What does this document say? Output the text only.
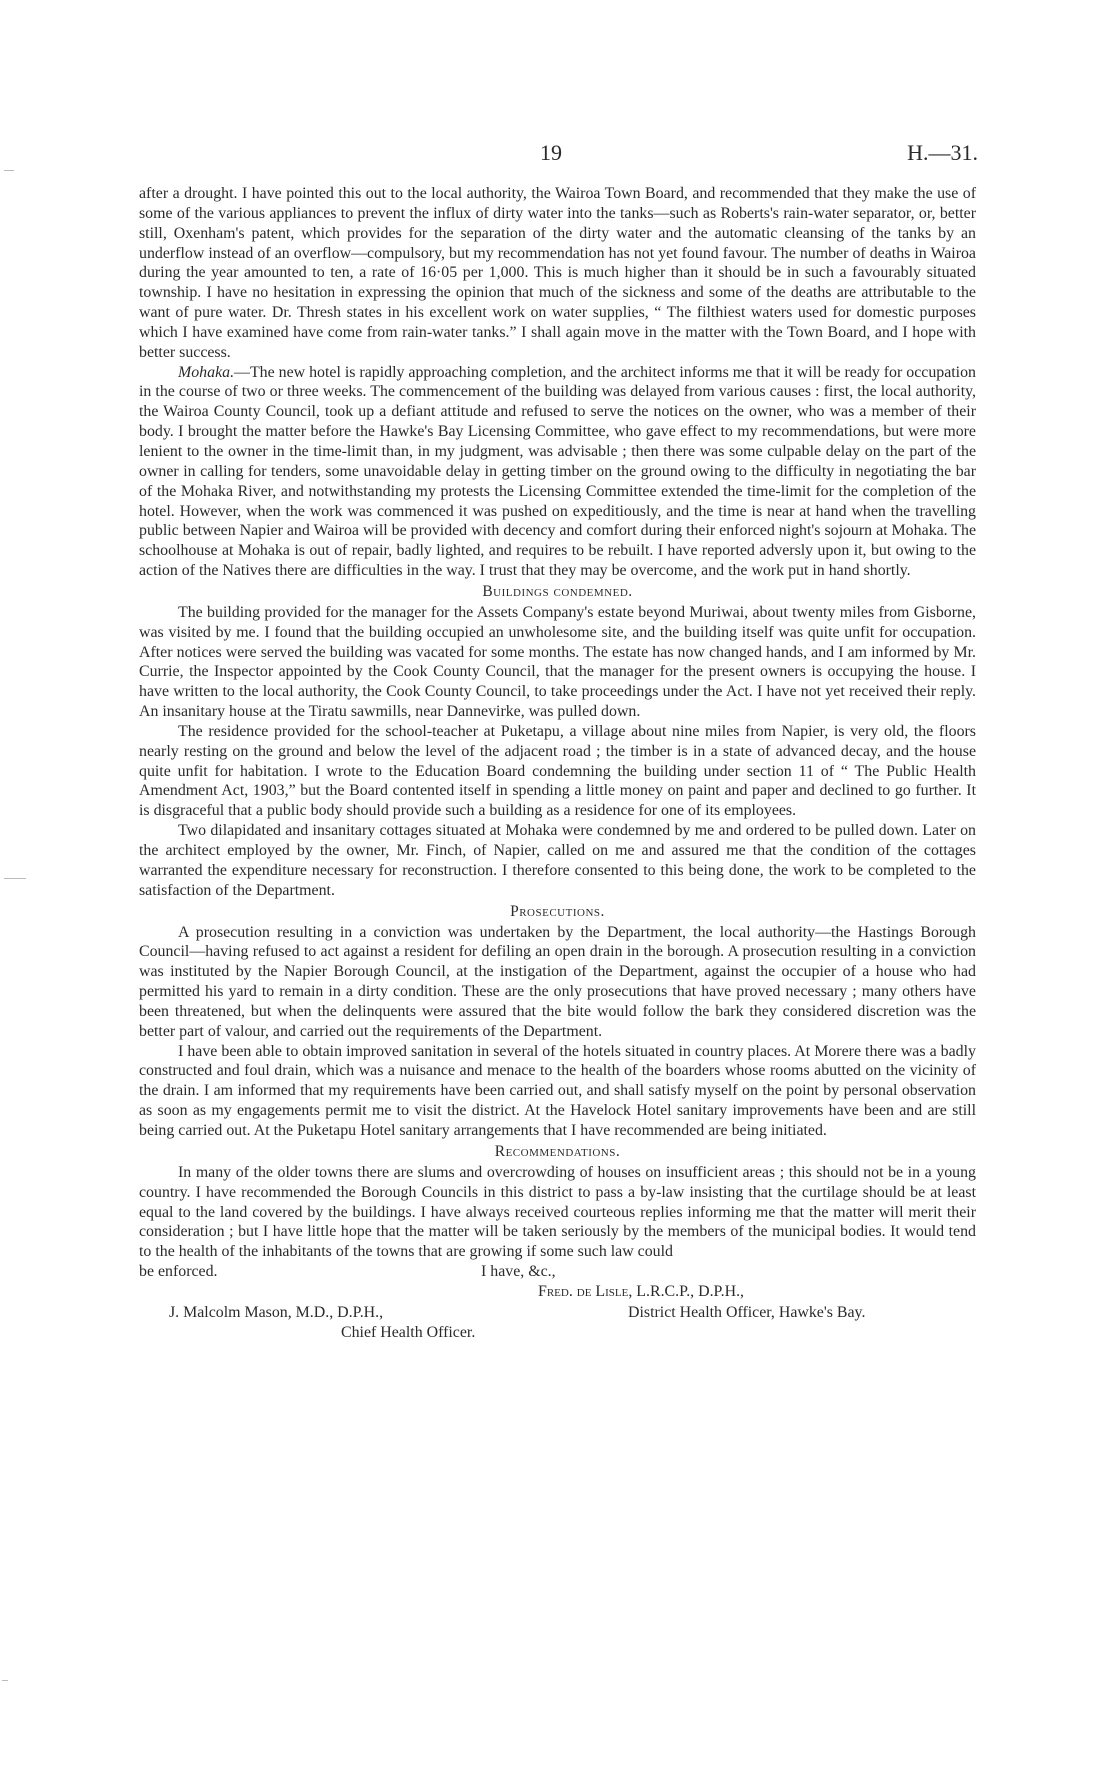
19	H.—31.

after a drought. I have pointed this out to the local authority, the Wairoa Town Board, and recommended that they make the use of some of the various appliances to prevent the influx of dirty water into the tanks—such as Roberts's rain-water separator, or, better still, Oxenham's patent, which provides for the separation of the dirty water and the automatic cleansing of the tanks by an underflow instead of an overflow—compulsory, but my recommendation has not yet found favour. The number of deaths in Wairoa during the year amounted to ten, a rate of 16·05 per 1,000. This is much higher than it should be in such a favourably situated township. I have no hesitation in expressing the opinion that much of the sickness and some of the deaths are attributable to the want of pure water. Dr. Thresh states in his excellent work on water supplies, “ The filthiest waters used for domestic purposes which I have examined have come from rain-water tanks.” I shall again move in the matter with the Town Board, and I hope with better success.

Mohaka.—The new hotel is rapidly approaching completion, and the architect informs me that it will be ready for occupation in the course of two or three weeks. The commencement of the building was delayed from various causes : first, the local authority, the Wairoa County Council, took up a defiant attitude and refused to serve the notices on the owner, who was a member of their body. I brought the matter before the Hawke's Bay Licensing Committee, who gave effect to my recommendations, but were more lenient to the owner in the time-limit than, in my judgment, was advisable ; then there was some culpable delay on the part of the owner in calling for tenders, some unavoidable delay in getting timber on the ground owing to the difficulty in negotiating the bar of the Mohaka River, and notwithstanding my protests the Licensing Committee extended the time-limit for the completion of the hotel. However, when the work was commenced it was pushed on expeditiously, and the time is near at hand when the travelling public between Napier and Wairoa will be provided with decency and comfort during their enforced night's sojourn at Mohaka. The schoolhouse at Mohaka is out of repair, badly lighted, and requires to be rebuilt. I have reported adversly upon it, but owing to the action of the Natives there are difficulties in the way. I trust that they may be overcome, and the work put in hand shortly.

Buildings condemned.

The building provided for the manager for the Assets Company's estate beyond Muriwai, about twenty miles from Gisborne, was visited by me. I found that the building occupied an unwholesome site, and the building itself was quite unfit for occupation. After notices were served the building was vacated for some months. The estate has now changed hands, and I am informed by Mr. Currie, the Inspector appointed by the Cook County Council, that the manager for the present owners is occupying the house. I have written to the local authority, the Cook County Council, to take proceedings under the Act. I have not yet received their reply. An insanitary house at the Tiratu sawmills, near Dannevirke, was pulled down.

The residence provided for the school-teacher at Puketapu, a village about nine miles from Napier, is very old, the floors nearly resting on the ground and below the level of the adjacent road ; the timber is in a state of advanced decay, and the house quite unfit for habitation. I wrote to the Education Board condemning the building under section 11 of “ The Public Health Amendment Act, 1903,” but the Board contented itself in spending a little money on paint and paper and declined to go further. It is disgraceful that a public body should provide such a building as a residence for one of its employees.

Two dilapidated and insanitary cottages situated at Mohaka were condemned by me and ordered to be pulled down. Later on the architect employed by the owner, Mr. Finch, of Napier, called on me and assured me that the condition of the cottages warranted the expenditure necessary for reconstruction. I therefore consented to this being done, the work to be completed to the satisfaction of the Department.

Prosecutions.

A prosecution resulting in a conviction was undertaken by the Department, the local authority—the Hastings Borough Council—having refused to act against a resident for defiling an open drain in the borough. A prosecution resulting in a conviction was instituted by the Napier Borough Council, at the instigation of the Department, against the occupier of a house who had permitted his yard to remain in a dirty condition. These are the only prosecutions that have proved necessary ; many others have been threatened, but when the delinquents were assured that the bite would follow the bark they considered discretion was the better part of valour, and carried out the requirements of the Department.

I have been able to obtain improved sanitation in several of the hotels situated in country places. At Morere there was a badly constructed and foul drain, which was a nuisance and menace to the health of the boarders whose rooms abutted on the vicinity of the drain. I am informed that my requirements have been carried out, and shall satisfy myself on the point by personal observation as soon as my engagements permit me to visit the district. At the Havelock Hotel sanitary improvements have been and are still being carried out. At the Puketapu Hotel sanitary arrangements that I have recommended are being initiated.

Recommendations.

In many of the older towns there are slums and overcrowding of houses on insufficient areas ; this should not be in a young country. I have recommended the Borough Councils in this district to pass a by-law insisting that the curtilage should be at least equal to the land covered by the buildings. I have always received courteous replies informing me that the matter will merit their consideration ; but I have little hope that the matter will be taken seriously by the members of the municipal bodies. It would tend to the health of the inhabitants of the towns that are growing if some such law could

be enforced.	I have, &c.,
Fred. de Lisle, L.R.C.P., D.P.H.,
District Health Officer, Hawke's Bay.
J. Malcolm Mason, M.D., D.P.H.,
Chief Health Officer.
